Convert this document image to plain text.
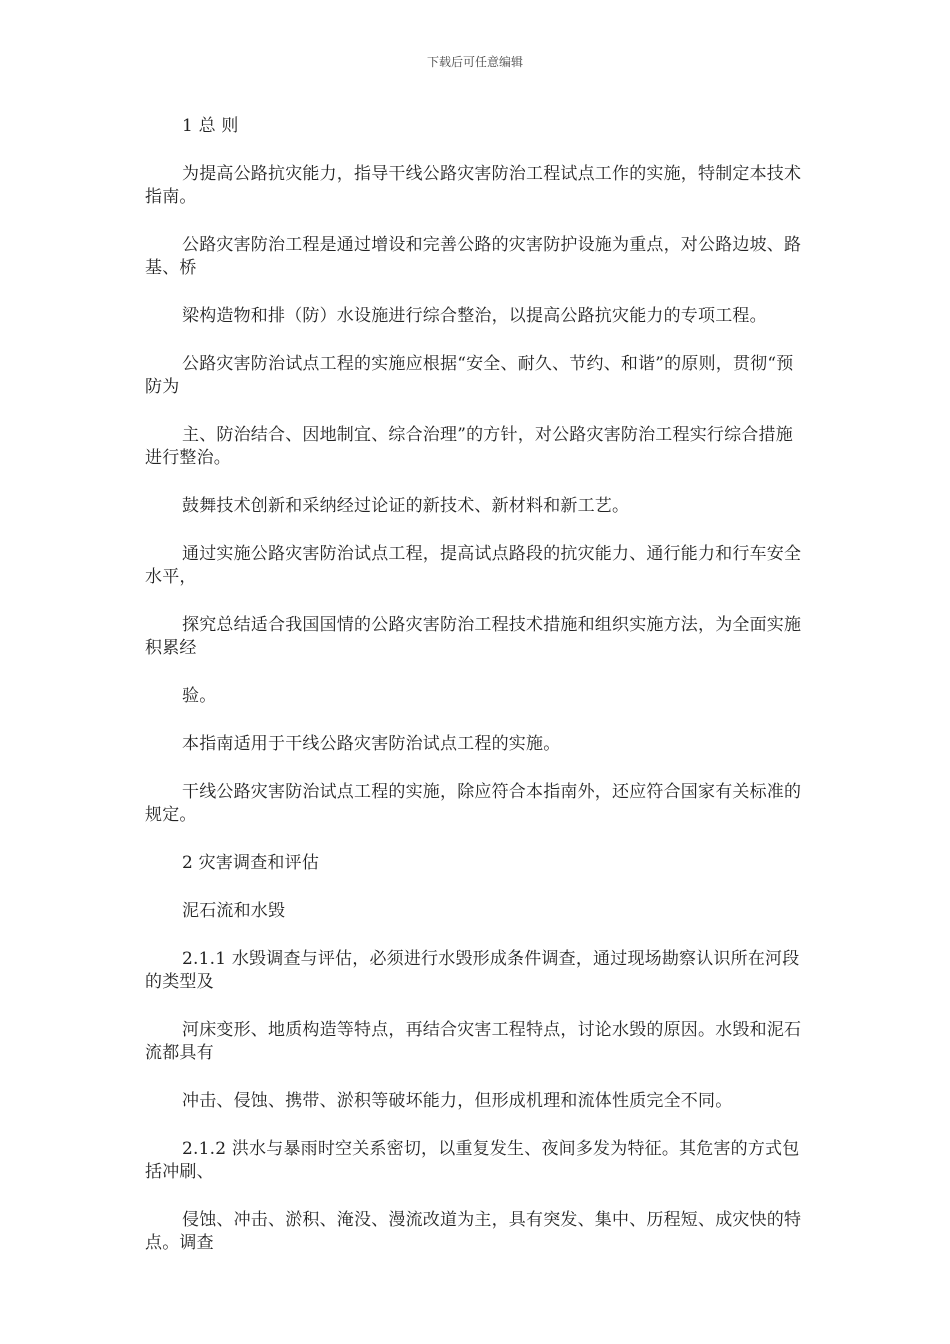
下载后可任意编辑

1 总 则

为提高公路抗灾能力，指导干线公路灾害防治工程试点工作的实施，特制定本技术指南。

公路灾害防治工程是通过增设和完善公路的灾害防护设施为重点，对公路边坡、路基、桥

梁构造物和排（防）水设施进行综合整治，以提高公路抗灾能力的专项工程。

公路灾害防治试点工程的实施应根据“安全、耐久、节约、和谐”的原则，贯彻“预防为

主、防治结合、因地制宜、综合治理”的方针，对公路灾害防治工程实行综合措施进行整治。

鼓舞技术创新和采纳经过论证的新技术、新材料和新工艺。

通过实施公路灾害防治试点工程，提高试点路段的抗灾能力、通行能力和行车安全水平，

探究总结适合我国国情的公路灾害防治工程技术措施和组织实施方法，为全面实施积累经

验。

本指南适用于干线公路灾害防治试点工程的实施。

干线公路灾害防治试点工程的实施，除应符合本指南外，还应符合国家有关标准的规定。

2 灾害调查和评估

泥石流和水毁

2.1.1 水毁调查与评估，必须进行水毁形成条件调查，通过现场勘察认识所在河段的类型及

河床变形、地质构造等特点，再结合灾害工程特点，讨论水毁的原因。水毁和泥石流都具有

冲击、侵蚀、携带、淤积等破坏能力，但形成机理和流体性质完全不同。

2.1.2 洪水与暴雨时空关系密切，以重复发生、夜间多发为特征。其危害的方式包括冲刷、

侵蚀、冲击、淤积、淹没、漫流改道为主，具有突发、集中、历程短、成灾快的特点。调查
